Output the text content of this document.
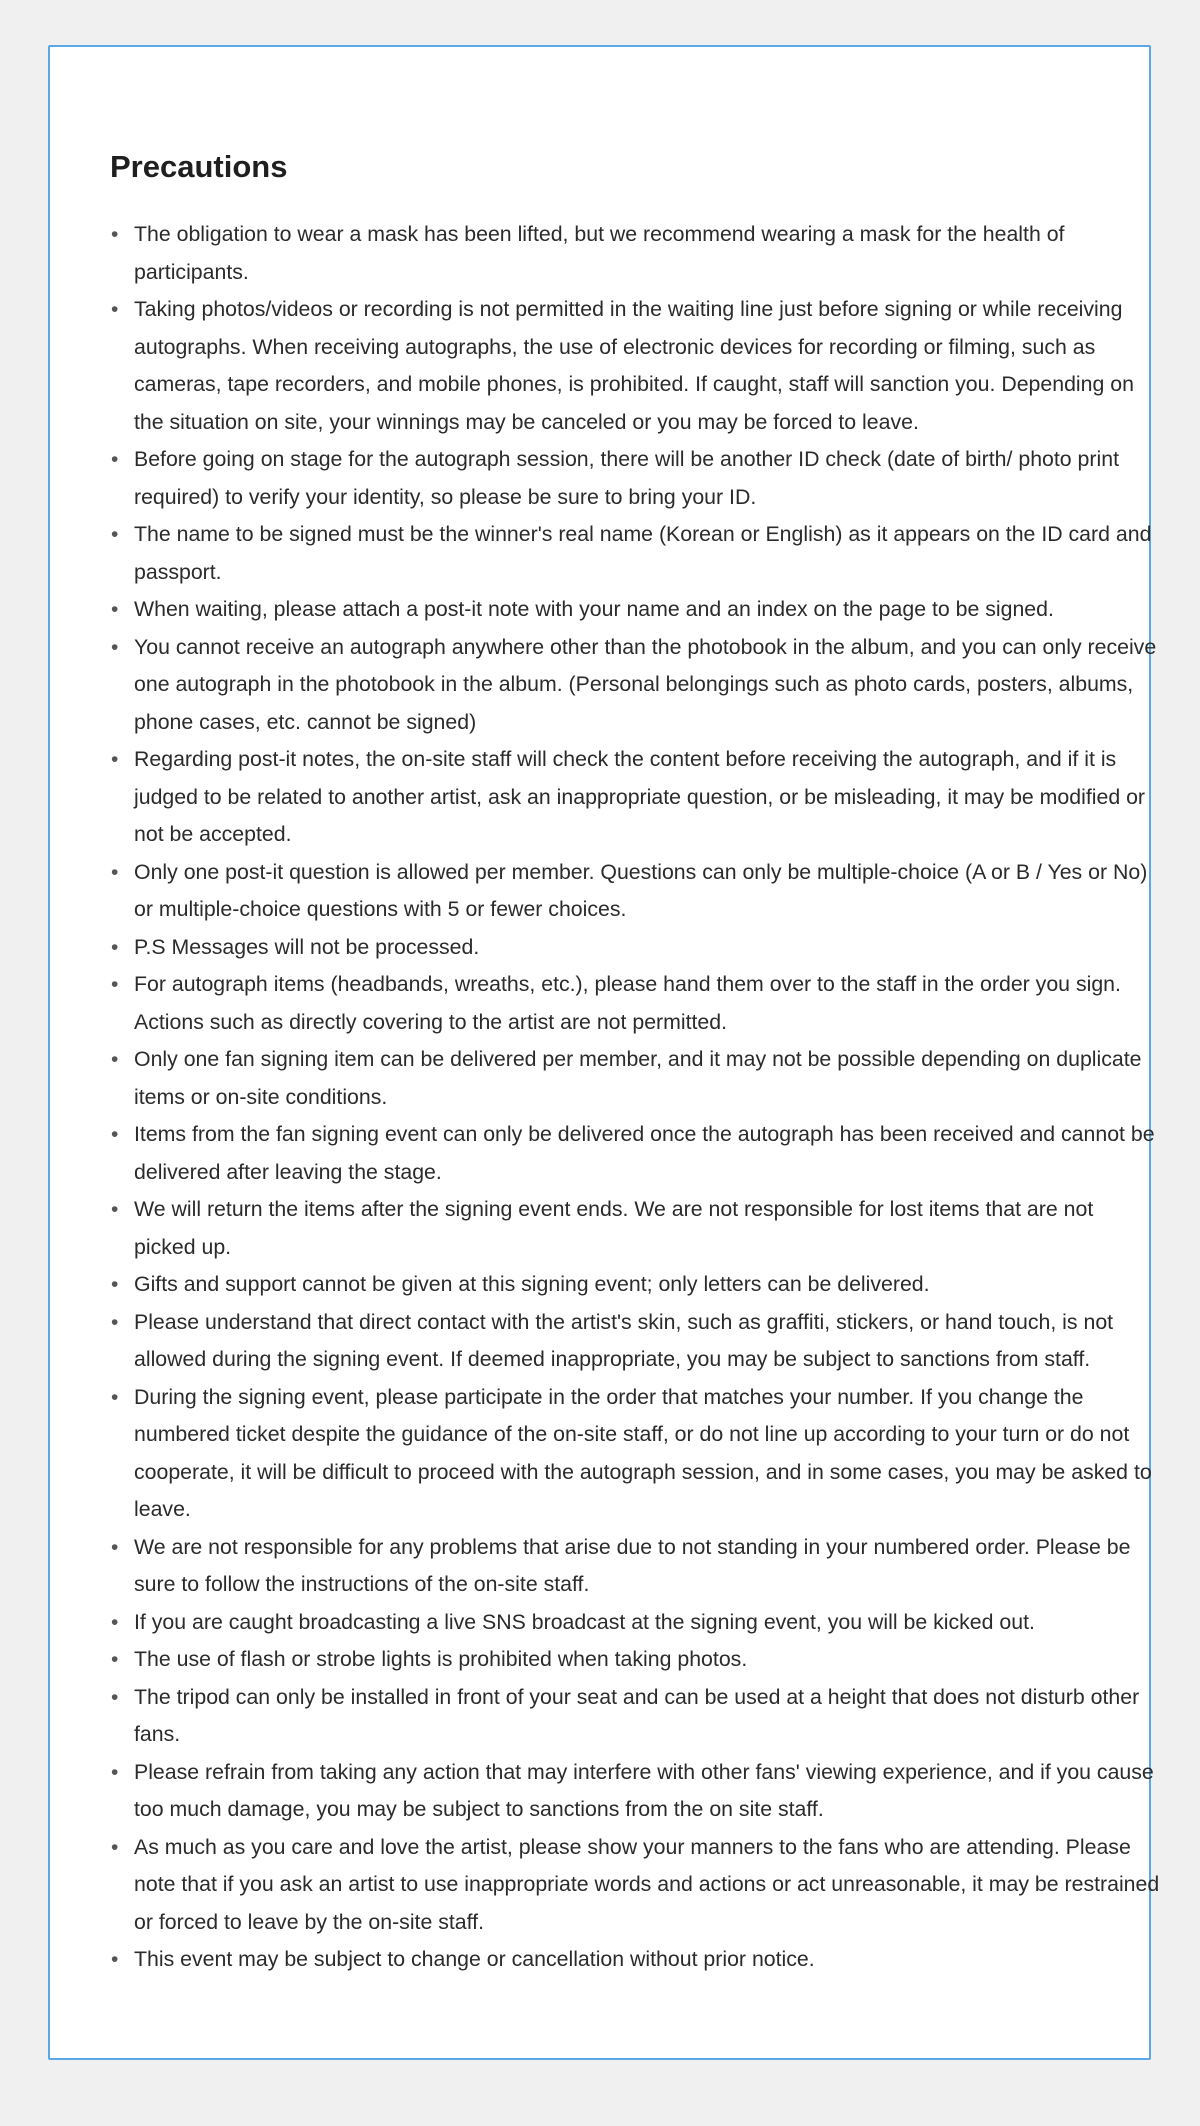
Precautions
• The obligation to wear a mask has been lifted, but we recommend wearing a mask for the health of participants.
• Taking photos/videos or recording is not permitted in the waiting line just before signing or while receiving autographs. When receiving autographs, the use of electronic devices for recording or filming, such as cameras, tape recorders, and mobile phones, is prohibited. If caught, staff will sanction you. Depending on the situation on site, your winnings may be canceled or you may be forced to leave.
• Before going on stage for the autograph session, there will be another ID check (date of birth/ photo print required) to verify your identity, so please be sure to bring your ID.
• The name to be signed must be the winner's real name (Korean or English) as it appears on the ID card and passport.
• When waiting, please attach a post-it note with your name and an index on the page to be signed.
• You cannot receive an autograph anywhere other than the photobook in the album, and you can only receive one autograph in the photobook in the album. (Personal belongings such as photo cards, posters, albums, phone cases, etc. cannot be signed)
• Regarding post-it notes, the on-site staff will check the content before receiving the autograph, and if it is judged to be related to another artist, ask an inappropriate question, or be misleading, it may be modified or not be accepted.
• Only one post-it question is allowed per member. Questions can only be multiple-choice (A or B / Yes or No) or multiple-choice questions with 5 or fewer choices.
• P.S Messages will not be processed.
• For autograph items (headbands, wreaths, etc.), please hand them over to the staff in the order you sign. Actions such as directly covering to the artist are not permitted.
• Only one fan signing item can be delivered per member, and it may not be possible depending on duplicate items or on-site conditions.
• Items from the fan signing event can only be delivered once the autograph has been received and cannot be delivered after leaving the stage.
• We will return the items after the signing event ends. We are not responsible for lost items that are not picked up.
• Gifts and support cannot be given at this signing event; only letters can be delivered.
• Please understand that direct contact with the artist's skin, such as graffiti, stickers, or hand touch, is not allowed during the signing event. If deemed inappropriate, you may be subject to sanctions from staff.
• During the signing event, please participate in the order that matches your number. If you change the numbered ticket despite the guidance of the on-site staff, or do not line up according to your turn or do not cooperate, it will be difficult to proceed with the autograph session, and in some cases, you may be asked to leave.
• We are not responsible for any problems that arise due to not standing in your numbered order. Please be sure to follow the instructions of the on-site staff.
• If you are caught broadcasting a live SNS broadcast at the signing event, you will be kicked out.
• The use of flash or strobe lights is prohibited when taking photos.
• The tripod can only be installed in front of your seat and can be used at a height that does not disturb other fans.
• Please refrain from taking any action that may interfere with other fans' viewing experience, and if you cause too much damage, you may be subject to sanctions from the on site staff.
• As much as you care and love the artist, please show your manners to the fans who are attending. Please note that if you ask an artist to use inappropriate words and actions or act unreasonable, it may be restrained or forced to leave by the on-site staff.
• This event may be subject to change or cancellation without prior notice.
